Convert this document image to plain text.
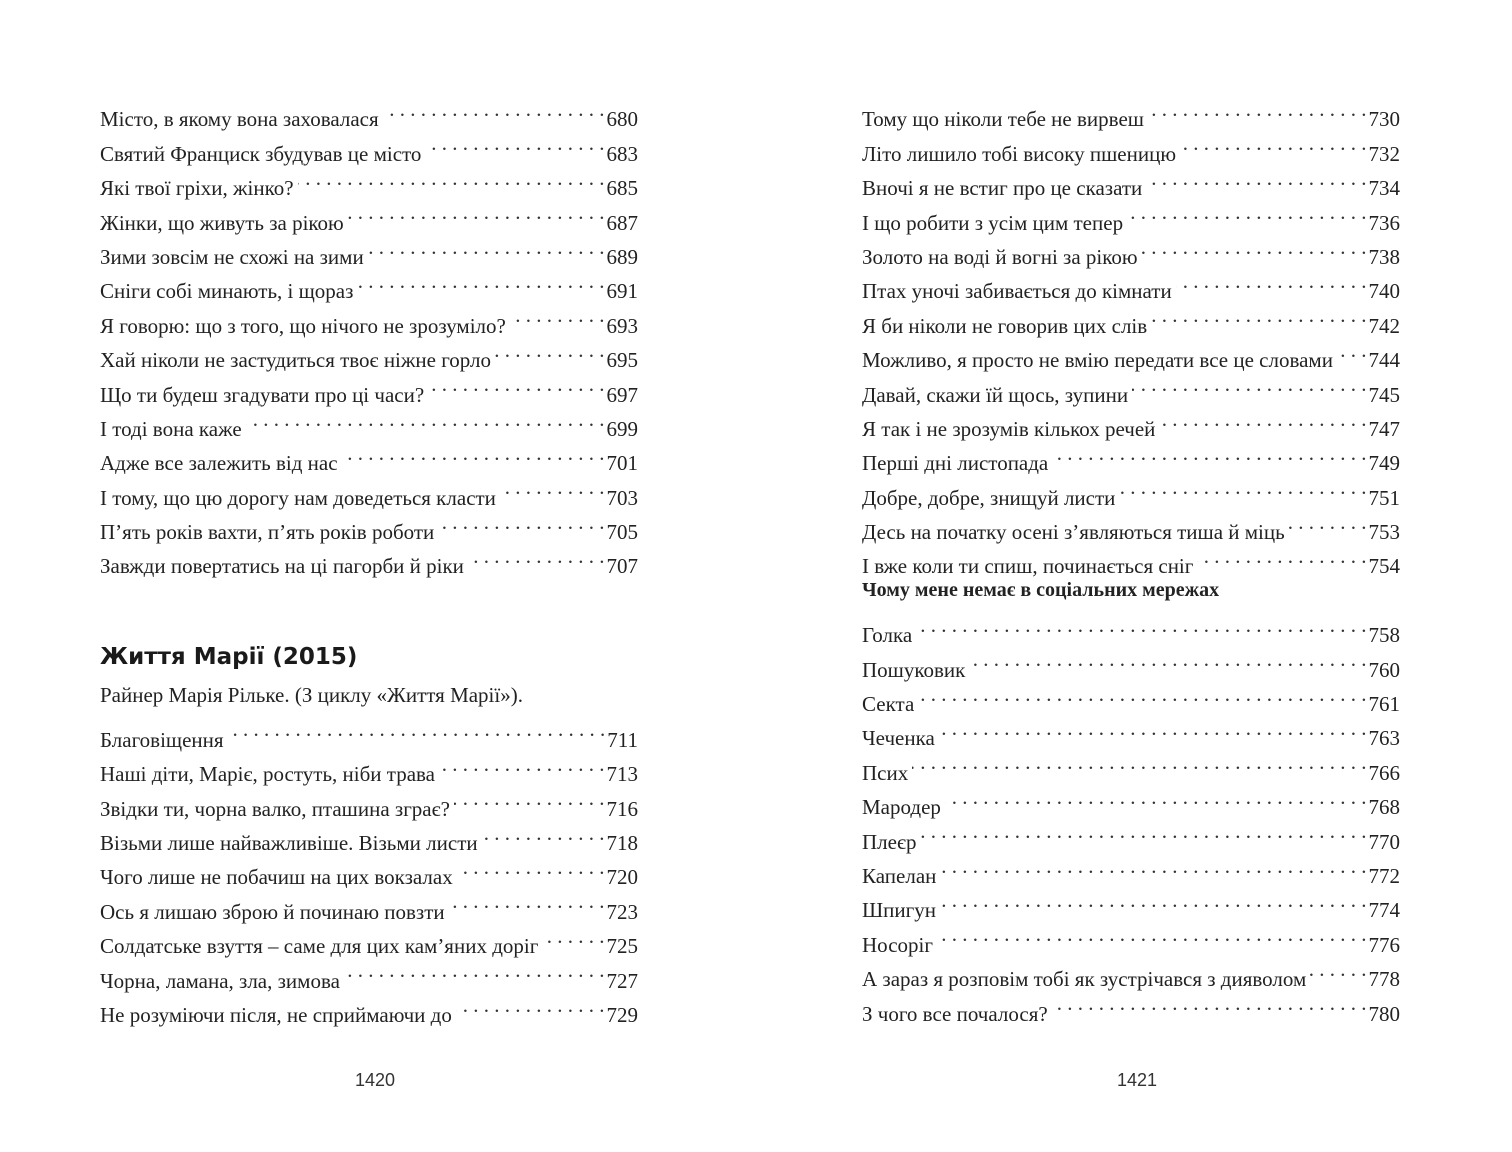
Місто, в якому вона заховалася . . .	680
Святий Франциск збудував це місто . . .	683
Які твої гріхи, жінко? . . .	685
Жінки, що живуть за рікою . . .	687
Зими зовсім не схожі на зими . . .	689
Сніги собі минають, і щораз . . .	691
Я говорю: що з того, що нічого не зрозуміло? . . .	693
Хай ніколи не застудиться твоє ніжне горло . . .	695
Що ти будеш згадувати про ці часи? . . .	697
І тоді вона каже . . .	699
Адже все залежить від нас . . .	701
І тому, що цю дорогу нам доведеться класти . . .	703
П’ять років вахти, п’ять років роботи . . .	705
Завжди повертатись на ці пагорби й ріки . . .	707
Життя Марії (2015)
Райнер Марія Рільке. (З циклу «Життя Марії»).
Благовіщення . . .	711
Наші діти, Маріє, ростуть, ніби трава . . .	713
Звідки ти, чорна валко, пташина зграє? . . .	716
Візьми лише найважливіше. Візьми листи . . .	718
Чого лише не побачиш на цих вокзалах . . .	720
Ось я лишаю зброю й починаю повзти . . .	723
Солдатське взуття – саме для цих кам’яних доріг . . .	725
Чорна, ламана, зла, зимова . . .	727
Не розуміючи після, не сприймаючи до . . .	729
1420
Тому що ніколи тебе не вирвеш . . .	730
Літо лишило тобі високу пшеницю . . .	732
Вночі я не встиг про це сказати . . .	734
І що робити з усім цим тепер . . .	736
Золото на воді й вогні за рікою . . .	738
Птах уночі забивається до кімнати . . .	740
Я би ніколи не говорив цих слів . . .	742
Можливо, я просто не вмію передати все це словами . . . 744
Давай, скажи їй щось, зупини . . .	745
Я так і не зрозумів кількох речей . . .	747
Перші дні листопада . . .	749
Добре, добре, знищуй листи . . .	751
Десь на початку осені з’являються тиша й міць . . .	753
І вже коли ти спиш, починається сніг . . .	754
Чому мене немає в соціальних мережах
Голка . . .	758
Пошуковик . . .	760
Секта . . .	761
Чеченка . . .	763
Псих . . .	766
Мародер . . .	768
Плеєр . . .	770
Капелан . . .	772
Шпигун . . .	774
Носоріг . . .	776
А зараз я розповім тобі як зустрічався з дияволом . . .	778
З чого все почалося? . . .	780
1421
